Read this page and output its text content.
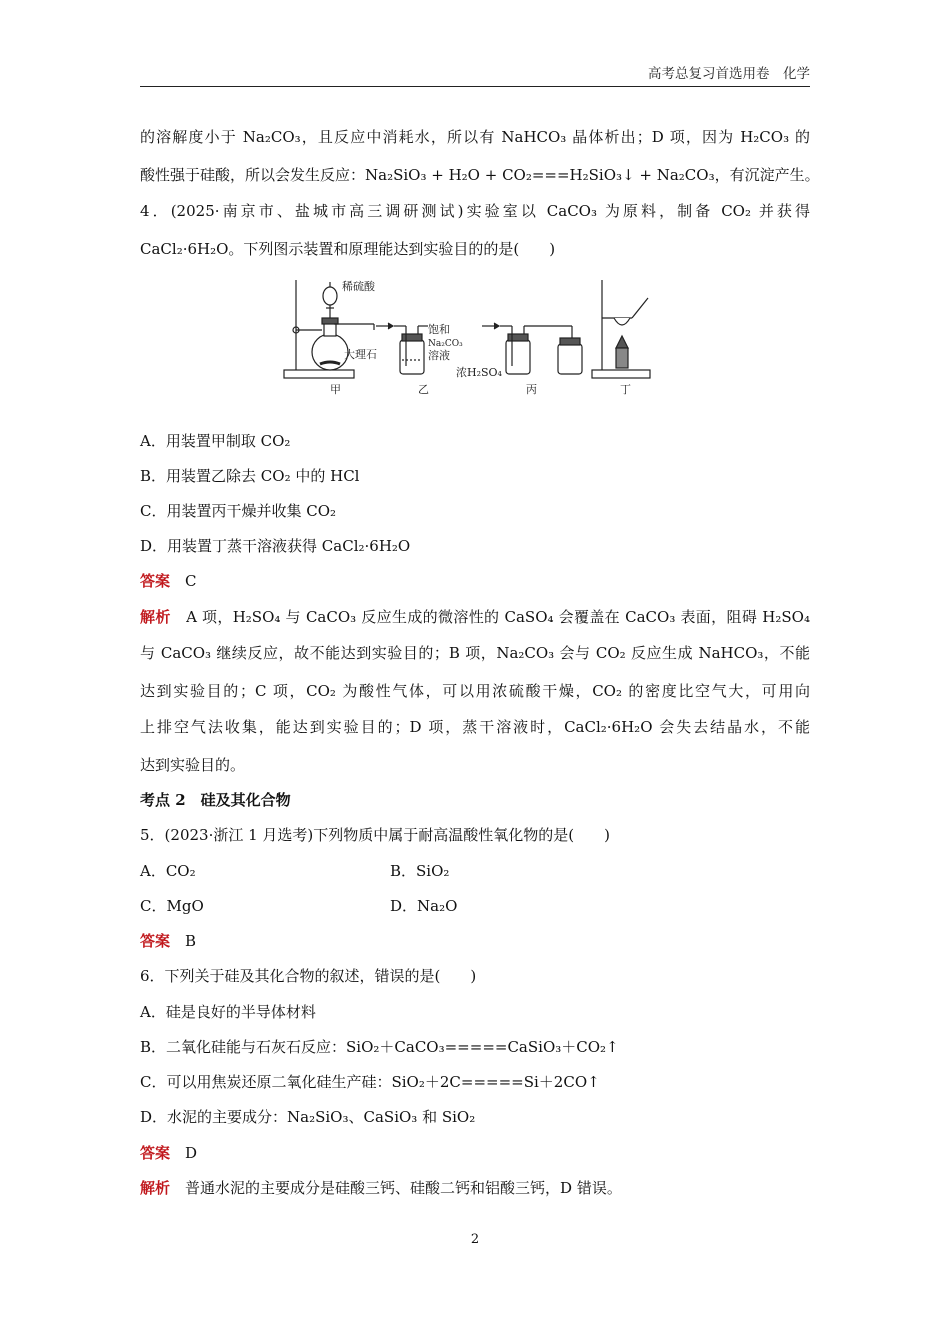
高考总复习首选用卷　化学
的溶解度小于 Na₂CO₃，且反应中消耗水，所以有 NaHCO₃ 晶体析出；D 项，因为 H₂CO₃ 的
酸性强于硅酸，所以会发生反应：Na₂SiO₃ + H₂O + CO₂===H₂SiO₃↓ + Na₂CO₃，有沉淀产生。
4．(2025·南京市、盐城市高三调研测试)实验室以 CaCO₃ 为原料，制备 CO₂ 并获得
CaCl₂·6H₂O。下列图示装置和原理能达到实验目的的是(　　)
稀硫酸
大理石
甲
饱和
Na₂CO₃
溶液
乙
浓H₂SO₄
丙	丁
A．用装置甲制取 CO₂
B．用装置乙除去 CO₂ 中的 HCl
C．用装置丙干燥并收集 CO₂
D．用装置丁蒸干溶液获得 CaCl₂·6H₂O
答案　 C
解析　 A 项，H₂SO₄ 与 CaCO₃ 反应生成的微溶性的 CaSO₄ 会覆盖在 CaCO₃ 表面，阻碍 H₂SO₄
与 CaCO₃ 继续反应，故不能达到实验目的；B 项，Na₂CO₃ 会与 CO₂ 反应生成 NaHCO₃，不能
达到实验目的；C 项，CO₂ 为酸性气体，可以用浓硫酸干燥，CO₂ 的密度比空气大，可用向
上排空气法收集，能达到实验目的；D 项，蒸干溶液时，CaCl₂·6H₂O 会失去结晶水，不能
达到实验目的。
考点 2　硅及其化合物
5．(2023·浙江 1 月选考)下列物质中属于耐高温酸性氧化物的是(　　)
A．CO₂	B．SiO₂
C．MgO	D．Na₂O
答案　 B
6．下列关于硅及其化合物的叙述，错误的是(　　)
A．硅是良好的半导体材料
B．二氧化硅能与石灰石反应：SiO₂＋CaCO₃=====CaSiO₃＋CO₂↑
C．可以用焦炭还原二氧化硅生产硅：SiO₂＋2C=====Si＋2CO↑
D．水泥的主要成分：Na₂SiO₃、CaSiO₃ 和 SiO₂
答案　 D
解析　 普通水泥的主要成分是硅酸三钙、硅酸二钙和铝酸三钙，D 错误。
2
